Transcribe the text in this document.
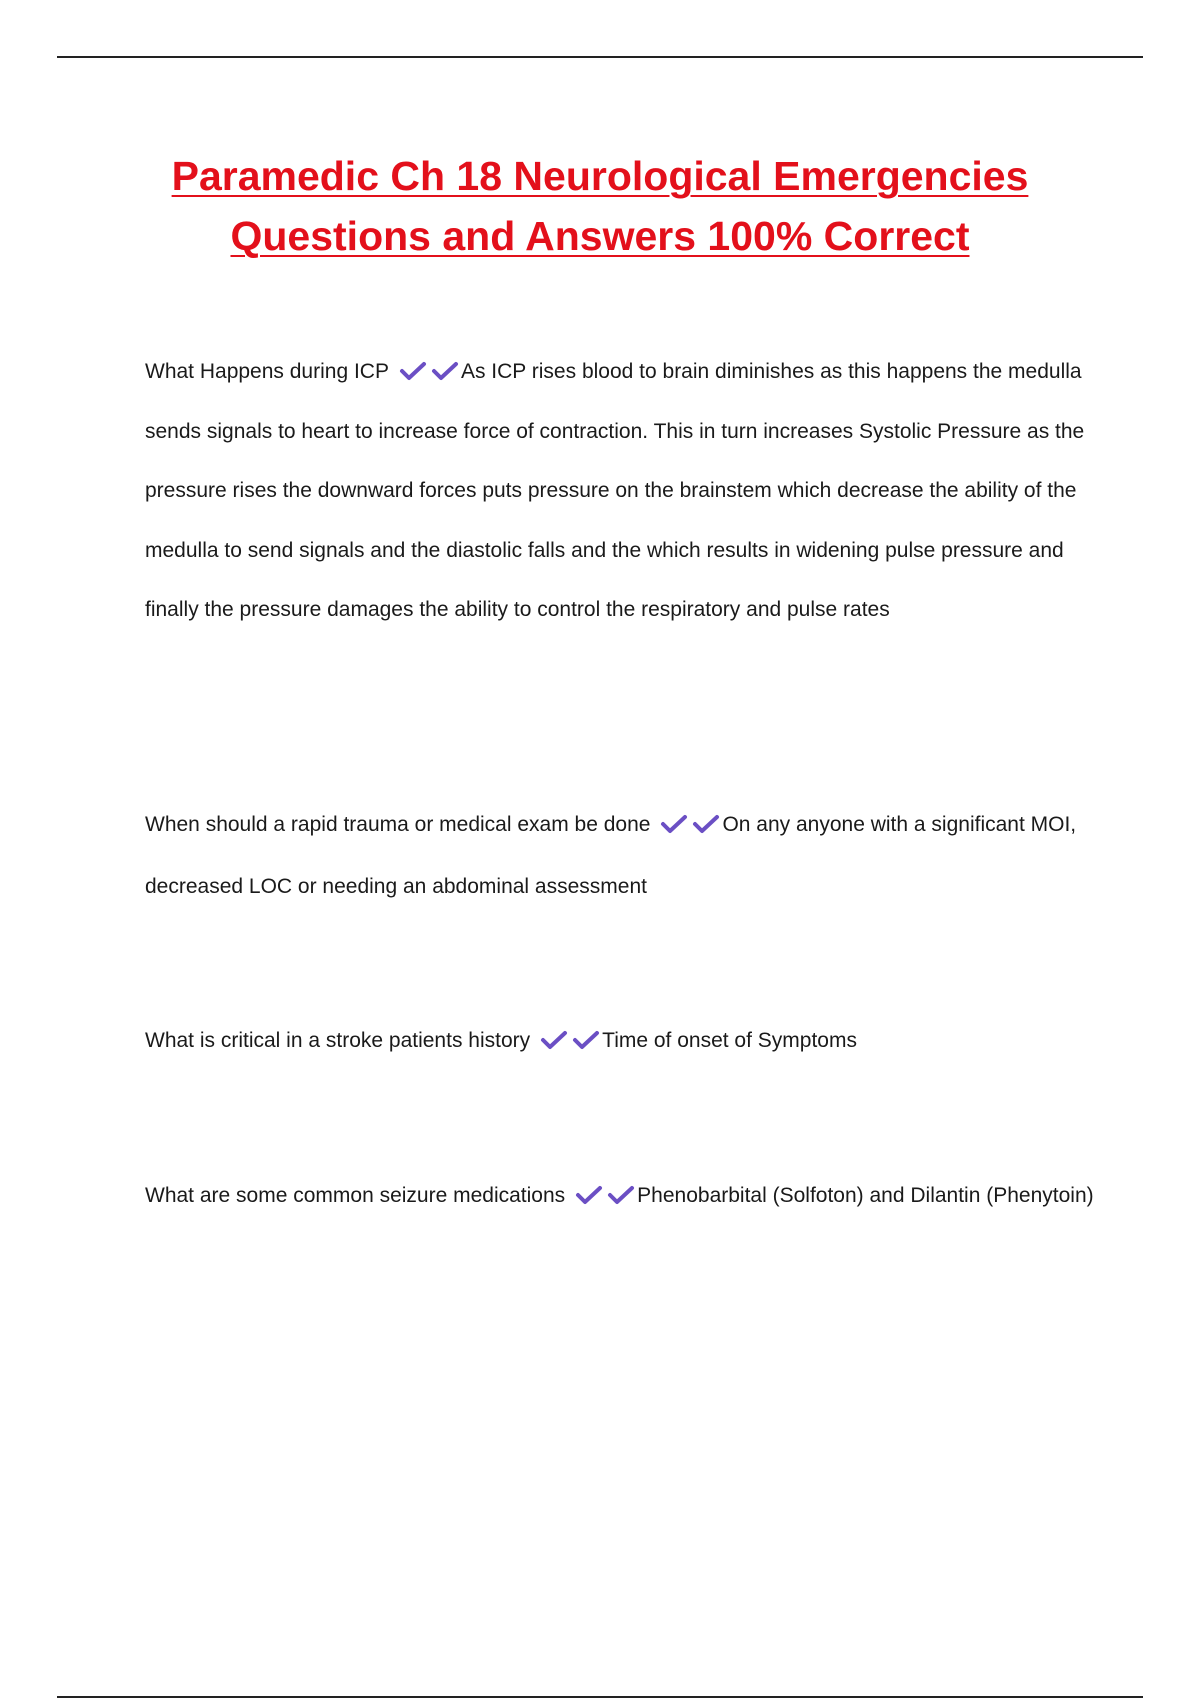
Paramedic Ch 18 Neurological Emergencies
Questions and Answers 100% Correct

What Happens during ICP	As ICP rises blood to brain diminishes as this happens the medulla sends signals to heart to increase force of contraction. This in turn increases Systolic Pressure as the pressure rises the downward forces puts pressure on the brainstem which decrease the ability of the medulla to send signals and the diastolic falls and the which results in widening pulse pressure and finally the pressure damages the ability to control the respiratory and pulse rates

When should a rapid trauma or medical exam be done	On any anyone with a significant MOI, decreased LOC or needing an abdominal assessment

What is critical in a stroke patients history	Time of onset of Symptoms

What are some common seizure medications	Phenobarbital (Solfoton) and Dilantin (Phenytoin)
